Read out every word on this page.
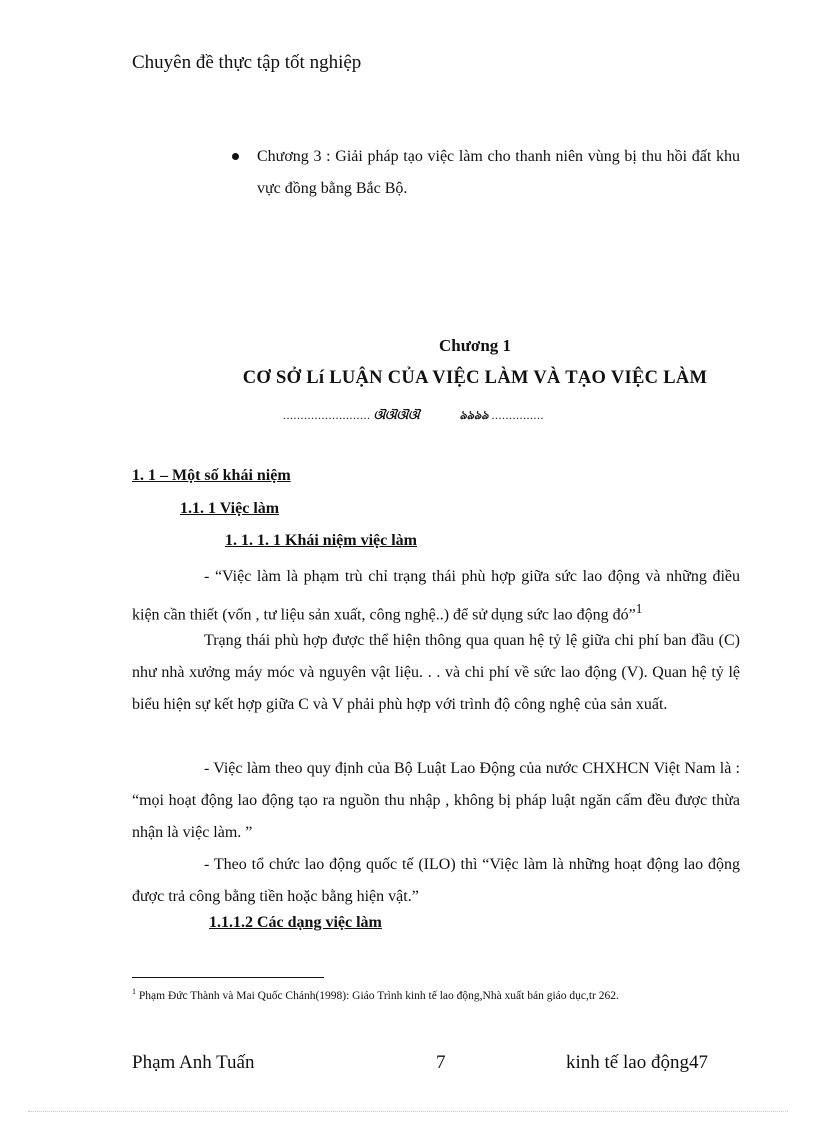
Chuyên đề thực tập tốt nghiệp
Chương 3 : Giải pháp tạo việc làm cho thanh niên vùng bị thu hồi đất khu vực đồng bằng Bắc Bộ.
Chương 1
CƠ SỞ Lí LUẬN CỦA VIỆC LÀM VÀ TẠO VIỆC LÀM
......................... ଔଔଔଔ	ঌঌঌঌ ...............
1. 1 – Một số khái niệm
1.1. 1 Việc làm
1. 1. 1. 1 Khái niệm việc làm
- “Việc làm là phạm trù chỉ trạng thái phù hợp giữa sức lao động và những điều kiện cần thiết (vốn , tư liệu sản xuất, công nghệ..) để sử dụng sức lao động đó”$^1$
Trạng thái phù hợp được thể hiện thông qua quan hệ tỷ lệ giữa chi phí ban đầu (C) như nhà xưởng máy móc và nguyên vật liệu. . . và chi phí về sức lao động (V). Quan hệ tỷ lệ biểu hiện sự kết hợp giữa C và V phải phù hợp với trình độ công nghệ của sản xuất.
- Việc làm theo quy định của Bộ Luật Lao Động của nước CHXHCN Việt Nam là : “mọi hoạt động lao động tạo ra nguồn thu nhập , không bị pháp luật ngăn cấm đều được thừa nhận là việc làm. ”
- Theo tổ chức lao động quốc tế (ILO) thì “Việc làm là những hoạt động lao động được trả công bằng tiền hoặc bằng hiện vật.”
1.1.1.2 Các dạng việc làm
$^1$ Phạm Đức Thành và Mai Quốc Chánh(1998): Giáo Trình kinh tế lao động,Nhà xuất bản giáo dục,tr 262.
Phạm Anh Tuấn	7	kinh tế lao động47
